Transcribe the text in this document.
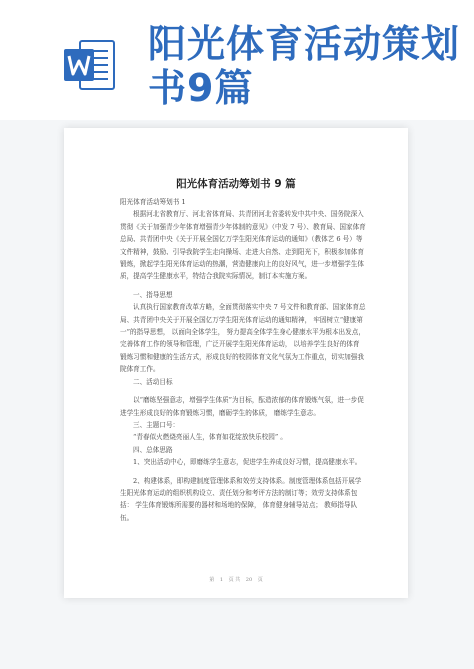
阳光体育活动策划
书9篇
阳光体育活动筹划书 9 篇

阳光体育活动筹划书 1

根据河北省教育厅、河北省体育局、共青团河北省委转发中共中央、国务院深入贯彻《关于加强青少年体育增强青少年体制的意见》（中发 7 号）、教育局、国家体育总局、共青团中央《关于开展全国亿万学生阳光体育运动的通知》（教体艺 6 号）等文件精神，鼓励、引导我院学生走向操场、走进大自然、走到阳光下，积极参加体育锻炼，掀起学生阳光体育运动的热潮，营造健康向上的良好风气，进一步增强学生体质，提高学生健康水平，特结合我院实际情况，制订本实施方案。

一、指导思想

认真执行国家教育改革方略，全面贯彻落实中央 7 号文件和教育部、国家体育总局、共青团中央关于开展全国亿万学生阳光体育运动的通知精神， 牢固树立“健康第一”的指导思想， 以面向全体学生， 努力提高全体学生身心健康水平为根本出发点，完善体育工作的领导和管理，广泛开展学生阳光体育运动， 以培养学生良好的体育锻炼习惯和健康的生活方式，形成良好的校园体育文化气氛为工作重点，切实加强我院体育工作。

二、活动目标

以“磨练坚强意志，增强学生体质”为目标，酝造浓郁的体育锻炼气氛，进一步促进学生形成良好的体育锻炼习惯，磨砺学生的体质， 磨练学生意志。

三、主题口号：

“青春似火燃烧亮丽人生，体育如花绽放快乐校园” 。

四、总体思路

1、突出活动中心，即磨练学生意志，促进学生养成良好习惯，提高健康水平。

2、构建体系，即构建制度管理体系和效劳支持体系。制度管理体系包括开展学生阳光体育运动的组织机构设立、责任划分和考评方法的制订等；效劳支持体系包括： 学生体育锻炼所需要的器材和场地的保障， 体育健身辅导站点； 教师指导队伍。

第 1 页 共 20 页
